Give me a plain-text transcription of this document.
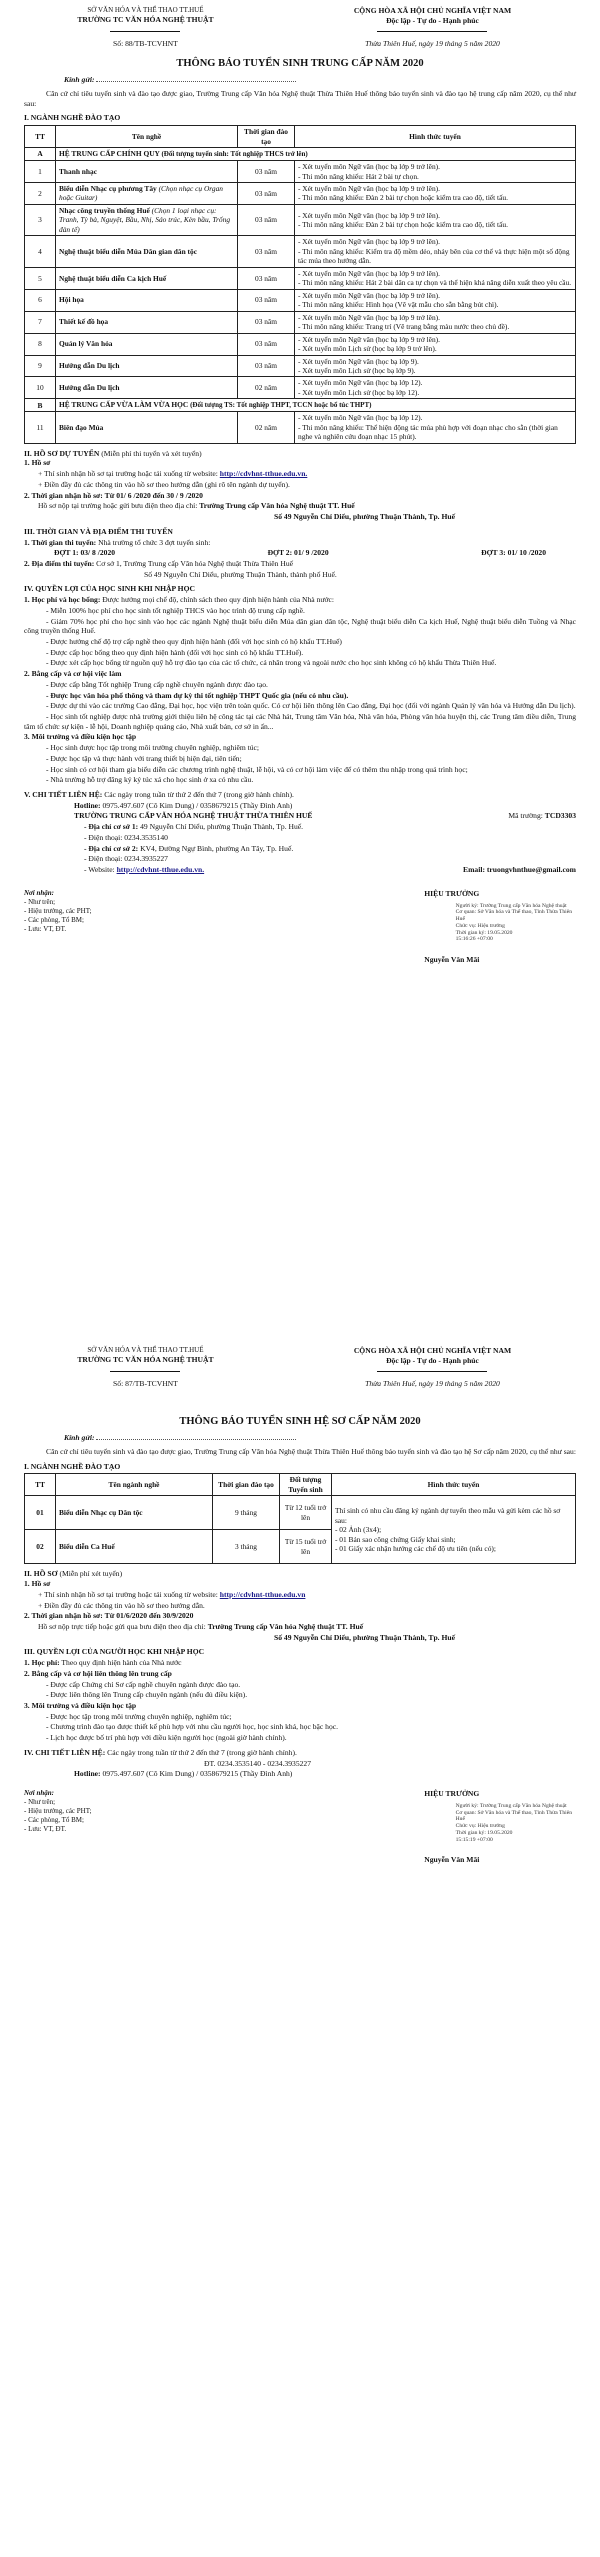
SỞ VĂN HÓA VÀ THỂ THAO TT.HUẾ
TRƯỜNG TC VĂN HÓA NGHỆ THUẬT
CỘNG HÒA XÃ HỘI CHỦ NGHĨA VIỆT NAM
Độc lập - Tự do - Hạnh phúc
Số: 88/TB-TCVHNT	Thừa Thiên Huế, ngày 19 tháng 5 năm 2020
THÔNG BÁO TUYỂN SINH TRUNG CẤP NĂM 2020
Kính gửi:

Căn cứ chỉ tiêu tuyển sinh và đào tạo được giao, Trường Trung cấp Văn hóa Nghệ thuật Thừa Thiên Huế thông báo tuyển sinh và đào tạo hệ trung cấp năm 2020, cụ thể như sau:

I. NGÀNH NGHỀ ĐÀO TẠO
TT	Tên nghề	Thời gian đào tạo	Hình thức tuyển
A	HỆ TRUNG CẤP CHÍNH QUY (Đối tượng tuyển sinh: Tốt nghiệp THCS trở lên)		
1	Thanh nhạc	03 năm	- Xét tuyển môn Ngữ văn (học bạ lớp 9 trở lên).
- Thi môn năng khiếu: Hát 2 bài tự chọn.
2	Biểu diễn Nhạc cụ phương Tây (Chọn nhạc cụ Organ hoặc Guitar)	03 năm	- Xét tuyển môn Ngữ văn (học bạ lớp 9 trở lên).
- Thi môn năng khiếu: Đàn 2 bài tự chọn hoặc kiểm tra cao độ, tiết tấu.
3	Nhạc công truyền thống Huế (Chọn 1 loại nhạc cụ: Tranh, Tỳ bà, Nguyệt, Bầu, Nhị, Sáo trúc, Kèn bầu, Trống đàn tế)	03 năm	- Xét tuyển môn Ngữ văn (học bạ lớp 9 trở lên).
- Thi môn năng khiếu: Đàn 2 bài tự chọn hoặc kiểm tra cao độ, tiết tấu.
4	Nghệ thuật biểu diễn Múa Dân gian dân tộc	03 năm	- Xét tuyển môn Ngữ văn (học bạ lớp 9 trở lên).
- Thi môn năng khiếu: Kiểm tra độ mềm dẻo, nhảy bên của cơ thể và thực hiện một số động tác múa theo hướng dẫn.
5	Nghệ thuật biểu diễn Ca kịch Huế	03 năm	- Xét tuyển môn Ngữ văn (học bạ lớp 9 trở lên).
- Thi môn năng khiếu: Hát 2 bài dân ca tự chọn và thể hiện khả năng diễn xuất theo yêu cầu.
6	Hội họa	03 năm	- Xét tuyển môn Ngữ văn (học bạ lớp 9 trở lên).
- Thi môn năng khiếu: Hình họa (Vẽ vật mẫu cho sẵn bằng bút chì).
7	Thiết kế đồ họa	03 năm	- Xét tuyển môn Ngữ văn (học bạ lớp 9 trở lên).
- Thi môn năng khiếu: Trang trí (Vẽ trang bằng màu nước theo chủ đề).
8	Quản lý Văn hóa	03 năm	- Xét tuyển môn Ngữ văn (học bạ lớp 9 trở lên).
- Xét tuyển môn Lịch sử (học bạ lớp 9 trở lên).
9	Hướng dẫn Du lịch	03 năm	- Xét tuyển môn Ngữ văn (học bạ lớp 9).
- Xét tuyển môn Lịch sử (học bạ lớp 9).
10	Hướng dẫn Du lịch	02 năm	- Xét tuyển môn Ngữ văn (học bạ lớp 12).
- Xét tuyển môn Lịch sử (học bạ lớp 12).
B	HỆ TRUNG CẤP VỪA LÀM VỪA HỌC (Đối tượng TS: Tốt nghiệp THPT, TCCN hoặc bổ túc THPT)		
11	Biên đạo Múa	02 năm	- Xét tuyển môn Ngữ văn (học bạ lớp 12).
- Thi môn năng khiếu: Thể hiện động tác múa phù hợp với đoạn nhạc cho sẵn (thời gian nghe và nghiên cứu đoạn nhạc 15 phút).
II. HỒ SƠ DỰ TUYỂN (Miễn phí thi tuyển và xét tuyển)
1. Hồ sơ

+ Thí sinh nhận hồ sơ tại trường hoặc tải xuống từ website: http://cdvhnt-tthue.edu.vn.

+ Điền đầy đủ các thông tin vào hồ sơ theo hướng dẫn (ghi rõ tên ngành dự tuyển).

2. Thời gian nhận hồ sơ: Từ 01/ 6 /2020 đến 30 / 9 /2020

Hồ sơ nộp tại trường hoặc gửi bưu điện theo địa chỉ: Trường Trung cấp Văn hóa Nghệ thuật TT. Huế

Số 49 Nguyễn Chí Diểu, phường Thuận Thành, Tp. Huế

III. THỜI GIAN VÀ ĐỊA ĐIỂM THI TUYỂN

1. Thời gian thi tuyển: Nhà trường tổ chức 3 đợt tuyển sinh:

ĐỢT 1: 03/ 8 /2020	ĐỢT 2: 01/ 9 /2020	ĐỢT 3: 01/ 10 /2020

2. Địa điểm thi tuyển: Cơ sở 1, Trường Trung cấp Văn hóa Nghệ thuật Thừa Thiên Huế

Số 49 Nguyễn Chí Diểu, phường Thuận Thành, thành phố Huế.

IV. QUYỀN LỢI CỦA HỌC SINH KHI NHẬP HỌC

1. Học phí và học bổng: Được hưởng mọi chế độ, chính sách theo quy định hiện hành của Nhà nước:

- Miễn 100% học phí cho học sinh tốt nghiệp THCS vào học trình độ trung cấp nghề.

- Giảm 70% học phí cho học sinh vào học các ngành Nghệ thuật biểu diễn Múa dân gian dân tộc, Nghệ thuật biểu diễn Ca kịch Huế, Nghệ thuật biểu diễn Tuồng và Nhạc công truyền thống Huế.

- Được hưởng chế độ trợ cấp nghề theo quy định hiện hành (đối với học sinh có hộ khẩu TT.Huế)

- Được cấp học bổng theo quy định hiện hành (đối với học sinh có hộ khẩu TT.Huế).

- Được xét cấp học bổng từ nguồn quỹ hỗ trợ đào tạo của các tổ chức, cá nhân trong và ngoài nước cho học sinh không có hộ khẩu Thừa Thiên Huế.

2. Bằng cấp và cơ hội việc làm

- Được cấp bằng Tốt nghiệp Trung cấp nghề chuyên ngành được đào tạo.

- Được học văn hóa phổ thông và tham dự kỳ thi tốt nghiệp THPT Quốc gia (nếu có nhu cầu).

- Được dự thi vào các trường Cao đẳng, Đại học, học viện trên toàn quốc. Có cơ hội liên thông lên Cao đẳng, Đại học (đối với ngành Quản lý văn hóa và Hướng dẫn Du lịch).

- Học sinh tốt nghiệp được nhà trường giới thiệu liên hệ công tác tại các Nhà hát, Trung tâm Văn hóa, Nhà văn hóa, Phòng văn hóa huyện thị, các Trung tâm điều diễn, Trung tâm tổ chức sự kiện - lễ hội, Doanh nghiệp quảng cáo, Nhà xuất bản, cơ sở in ấn...

3. Môi trường và điều kiện học tập

- Học sinh được học tập trong môi trường chuyên nghiệp, nghiêm túc;

- Được học tập và thực hành với trang thiết bị hiện đại, tiên tiến;

- Học sinh có cơ hội tham gia biểu diễn các chương trình nghệ thuật, lễ hội, và có cơ hội làm việc để có thêm thu nhập trong quá trình học;

- Nhà trường hỗ trợ đăng ký ký túc xá cho học sinh ở xa có nhu cầu.

V. CHI TIẾT LIÊN HỆ: Các ngày trong tuần từ thứ 2 đến thứ 7 (trong giờ hành chính).

Hotline: 0975.497.607 (Cô Kim Dung) / 0358679215 (Thầy Đình Anh)

TRƯỜNG TRUNG CẤP VĂN HÓA NGHỆ THUẬT THỪA THIÊN HUẾ	Mã trường: TCD3303

- Địa chỉ cơ sở 1: 49 Nguyễn Chí Diểu, phường Thuận Thành, Tp. Huế.

- Điện thoại: 0234.3535140

- Địa chỉ cơ sở 2: KV4, Đường Ngự Bình, phường An Tây, Tp. Huế.

- Điện thoại: 0234.3935227

- Website: http://cdvhnt-tthue.edu.vn.	Email: truongvhnthue@gmail.com

Nơi nhận:
- Như trên;
- Hiệu trưởng, các PHT;
- Các phòng, Tổ BM;
- Lưu: VT, ĐT.
HIỆU TRƯỞNG
Người ký: Trường Trung cấp Văn hóa Nghệ thuật
Cơ quan: Sở Văn hóa và Thể thao, Tỉnh Thừa Thiên Huế
Chức vụ: Hiệu trưởng
Thời gian ký: 19.05.2020
15:16:26 +07:00
Nguyễn Văn Mãi
SỞ VĂN HÓA VÀ THỂ THAO TT.HUẾ
TRƯỜNG TC VĂN HÓA NGHỆ THUẬT
CỘNG HÒA XÃ HỘI CHỦ NGHĨA VIỆT NAM
Độc lập - Tự do - Hạnh phúc
Số: 87/TB-TCVHNT	Thừa Thiên Huế, ngày 19 tháng 5 năm 2020
THÔNG BÁO TUYỂN SINH HỆ SƠ CẤP NĂM 2020
Kính gửi:

Căn cứ chỉ tiêu tuyển sinh và đào tạo được giao, Trường Trung cấp Văn hóa Nghệ thuật Thừa Thiên Huế thông báo tuyển sinh và đào tạo hệ Sơ cấp năm 2020, cụ thể như sau:

I. NGÀNH NGHỀ ĐÀO TẠO
TT	Tên ngành nghề	Thời gian đào tạo	Đối tượng Tuyển sinh	Hình thức tuyển
01	Biểu diễn Nhạc cụ Dân tộc	9 tháng	Từ 12 tuổi trở lên	Thí sinh có nhu cầu đăng ký ngành dự tuyển theo mẫu và gửi kèm các hồ sơ sau:
- 02 Ảnh (3x4);
- 01 Bản sao công chứng Giấy khai sinh;
- 01 Giấy xác nhận hướng các chế độ ưu tiên (nếu có);
02	Biểu diễn Ca Huế	3 tháng	Từ 15 tuổi trở lên	
II. HỒ SƠ (Miễn phí xét tuyển)
1. Hồ sơ

+ Thí sinh nhận hồ sơ tại trường hoặc tải xuống từ website: http://cdvhnt-tthue.edu.vn

+ Điền đầy đủ các thông tin vào hồ sơ theo hướng dẫn.

2. Thời gian nhận hồ sơ: Từ 01/6/2020 đến 30/9/2020

Hồ sơ nộp trực tiếp hoặc gửi qua bưu điện theo địa chỉ: Trường Trung cấp Văn hóa Nghệ thuật TT. Huế

Số 49 Nguyễn Chí Diểu, phường Thuận Thành, Tp. Huế

III. QUYỀN LỢI CỦA NGƯỜI HỌC KHI NHẬP HỌC

1. Học phí: Theo quy định hiện hành của Nhà nước

2. Bằng cấp và cơ hội liên thông lên trung cấp

- Được cấp Chứng chỉ Sơ cấp nghề chuyên ngành được đào tạo.

- Được liên thông lên Trung cấp chuyên ngành (nếu đủ điều kiện).

3. Môi trường và điều kiện học tập

- Được học tập trong môi trường chuyên nghiệp, nghiêm túc;

- Chương trình đào tạo được thiết kế phù hợp với nhu cầu người học, học sinh khá, học bậc học.

- Lịch học được bố trí phù hợp với điều kiện người học (ngoài giờ hành chính).

IV. CHI TIẾT LIÊN HỆ: Các ngày trong tuần từ thứ 2 đến thứ 7 (trong giờ hành chính).

ĐT. 0234.3535140 - 0234.3935227

Hotline: 0975.497.607 (Cô Kim Dung) / 0358679215 (Thầy Đình Anh)

Nơi nhận:
- Như trên;
- Hiệu trưởng, các PHT;
- Các phòng, Tổ BM;
- Lưu: VT, ĐT.
HIỆU TRƯỞNG
Người ký: Trường Trung cấp Văn hóa Nghệ thuật
Cơ quan: Sở Văn hóa và Thể thao, Tỉnh Thừa Thiên Huế
Chức vụ: Hiệu trưởng
Thời gian ký: 19.05.2020
15:15:19 +07:00
Nguyễn Văn Mãi
